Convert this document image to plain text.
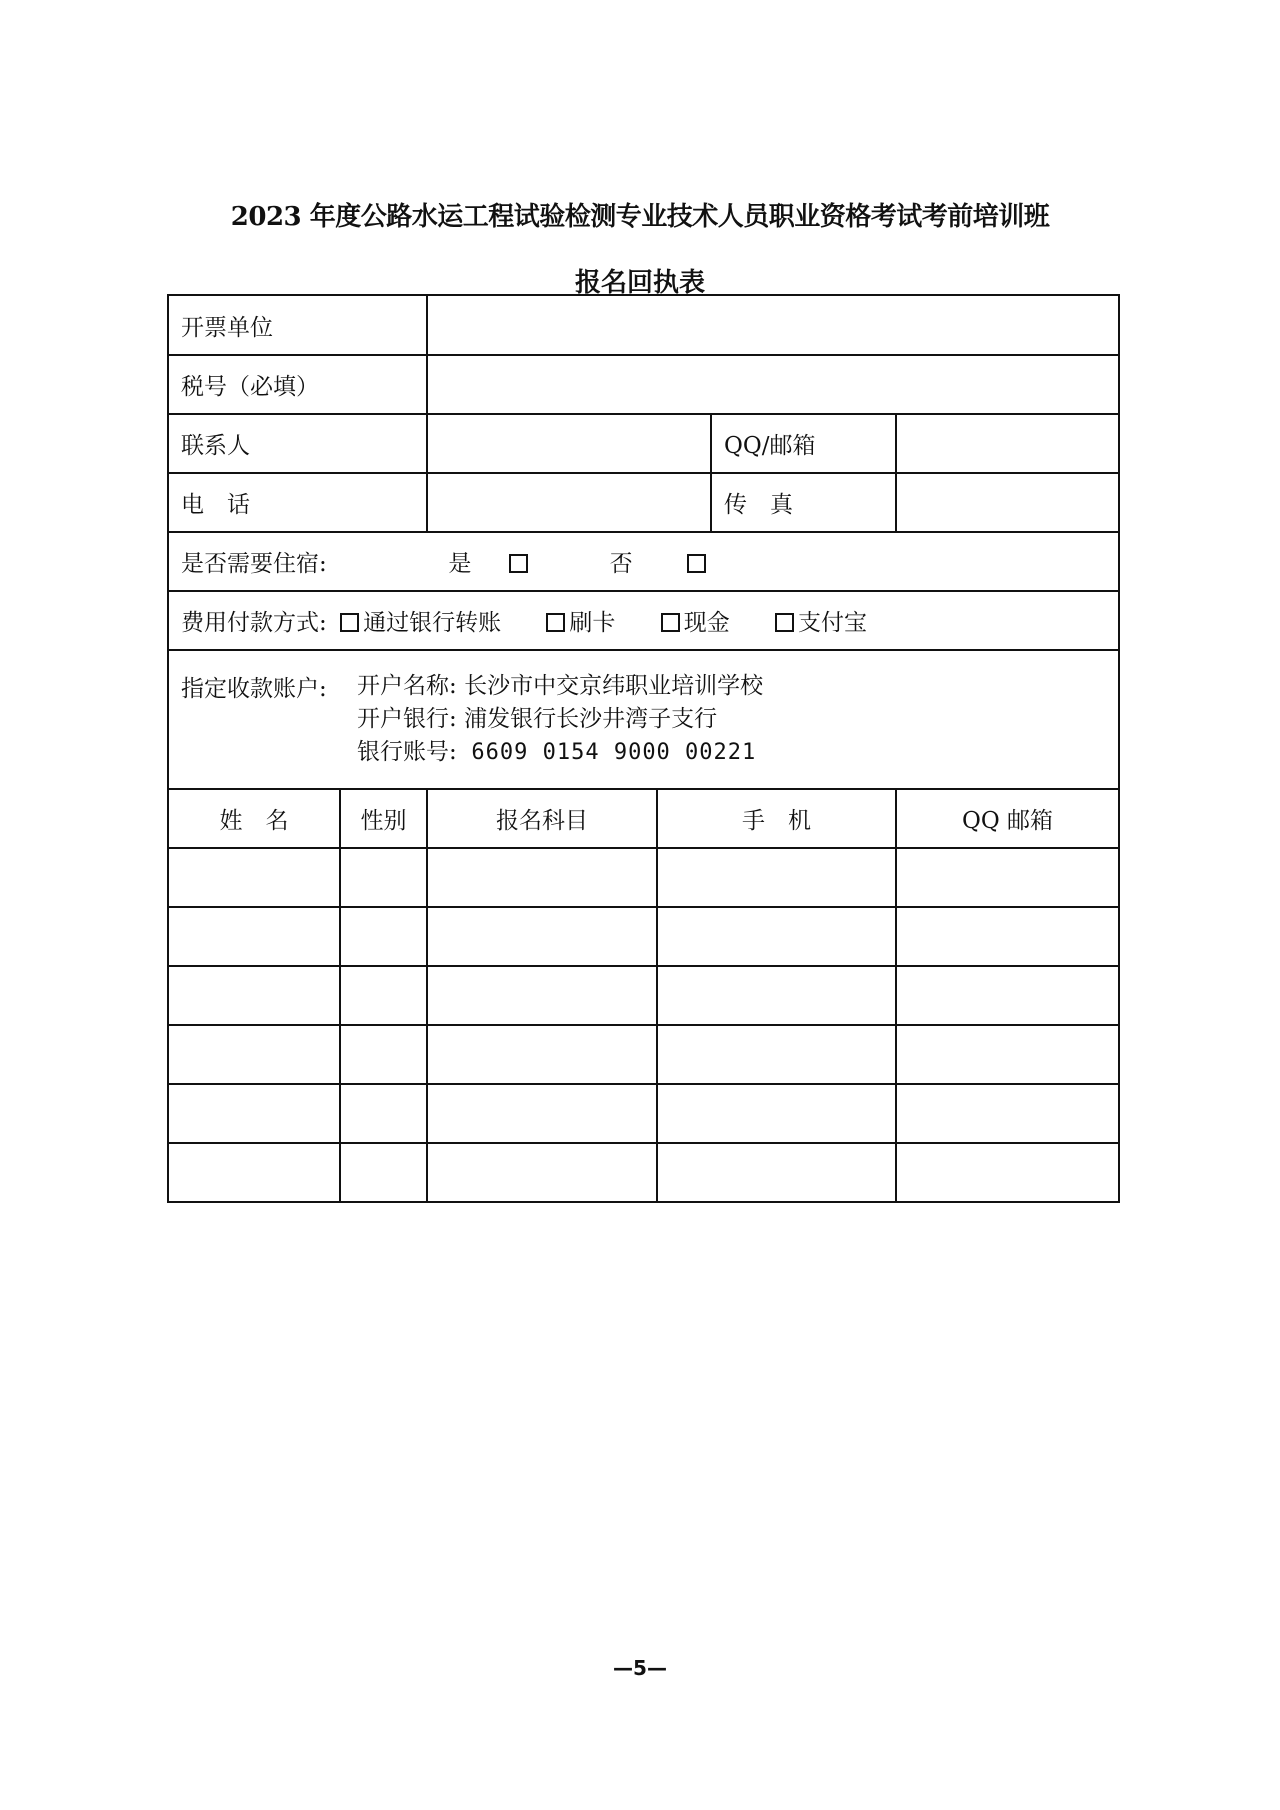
2023 年度公路水运工程试验检测专业技术人员职业资格考试考前培训班
报名回执表
开票单位					
税号（必填）					
联系人				QQ/邮箱	
电　话				传　真	
是否需要住宿: 是 否					
费用付款方式: 通过银行转账 刷卡 现金 支付宝					
指定收款账户: 开户名称: 长沙市中交京纬职业培训学校
开户银行: 浦发银行长沙井湾子支行
银行账号: 6609 0154 9000 00221					

姓　名	性别	报名科目	手　机		QQ 邮箱

—5—
